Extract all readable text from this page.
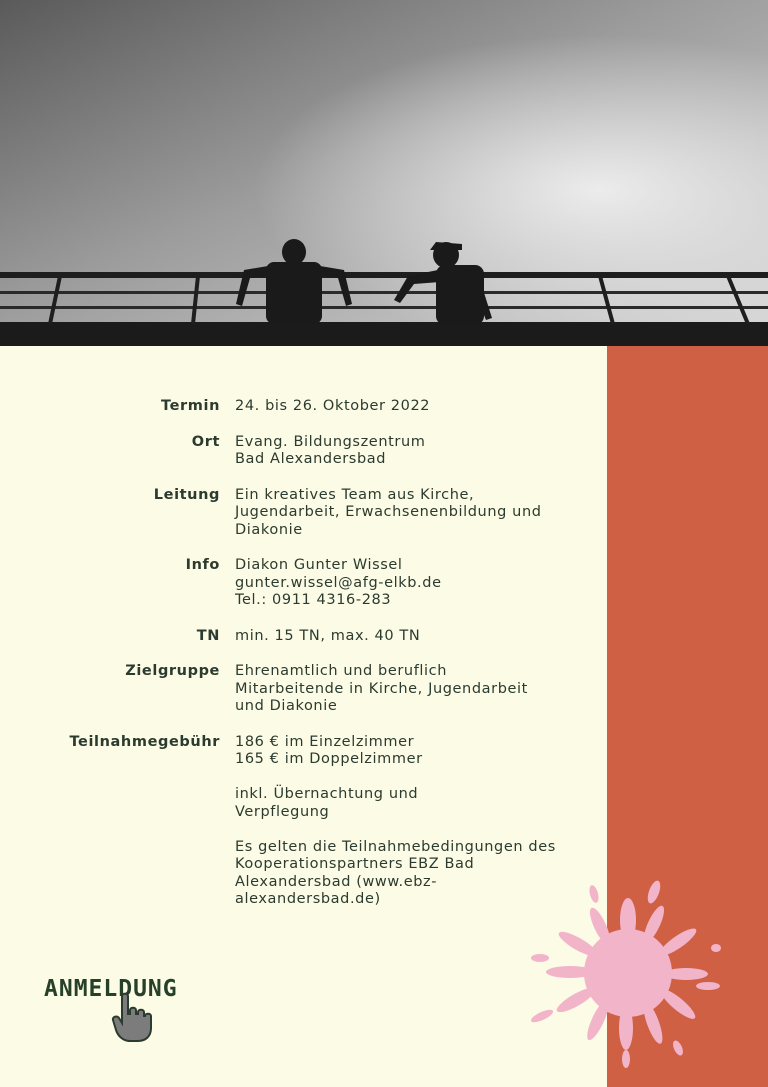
Termin	24. bis 26. Oktober 2022
Ort	Evang. Bildungszentrum
Bad Alexandersbad
Leitung	Ein kreatives Team aus Kirche,
Jugendarbeit, Erwachsenenbildung und
Diakonie
Info	Diakon Gunter Wissel
gunter.wissel@afg-elkb.de
Tel.: 0911 4316-283
TN	min. 15 TN, max. 40 TN
Zielgruppe	Ehrenamtlich und beruflich
Mitarbeitende in Kirche, Jugendarbeit
und Diakonie
Teilnahmegebühr	186 € im Einzelzimmer
165 € im Doppelzimmer
inkl. Übernachtung und
Verpflegung
Es gelten die Teilnahmebedingungen des
Kooperationspartners EBZ Bad
Alexandersbad (www.ebz-
alexandersbad.de)
ANMELDUNG
